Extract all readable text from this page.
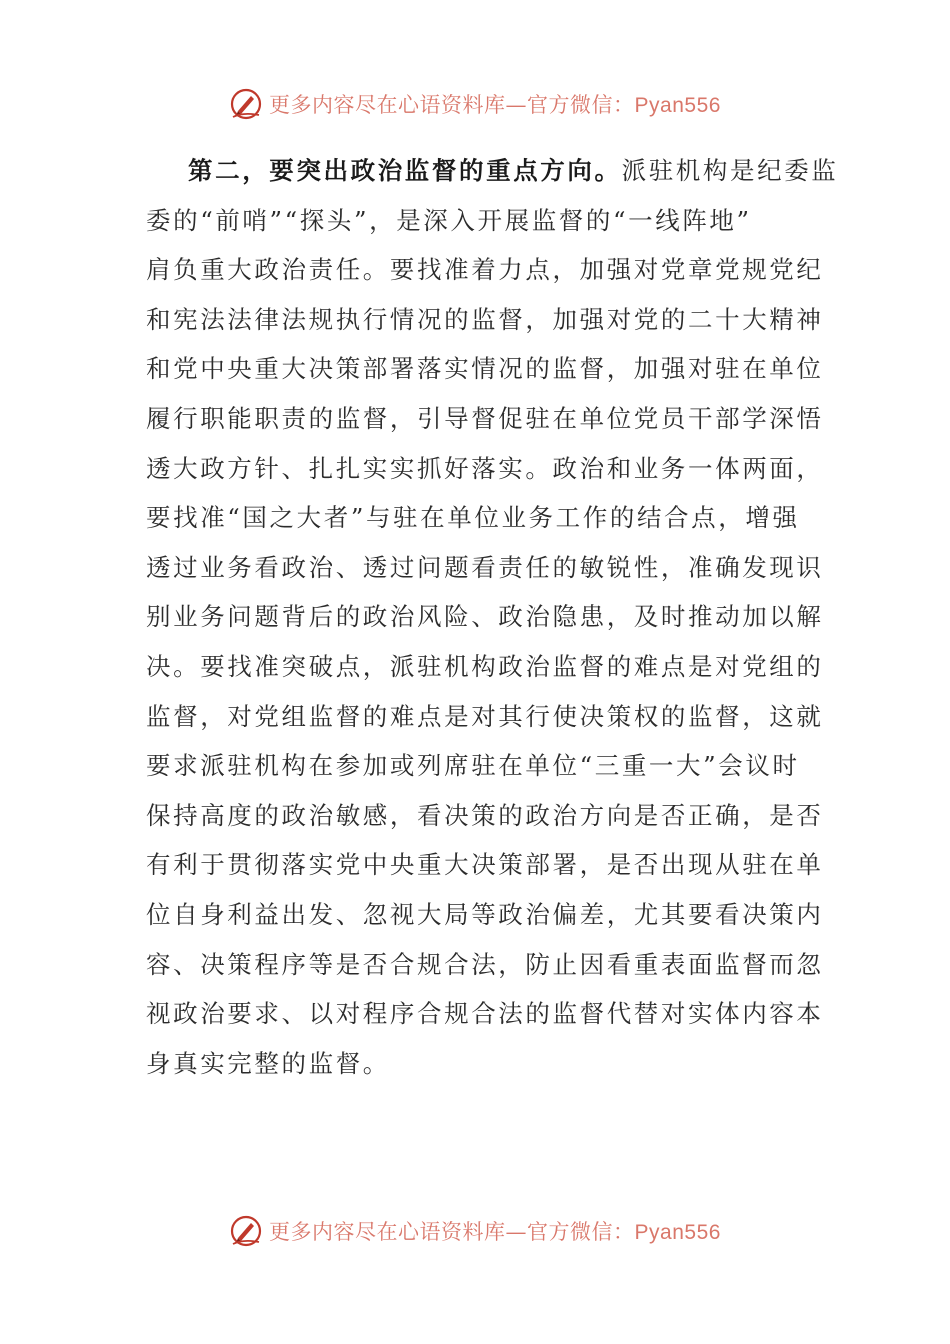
更多内容尽在心语资料库—官方微信：Pyan556
第二，要突出政治监督的重点方向。派驻机构是纪委监
委的“前哨”“探头”，是深入开展监督的“一线阵地”
肩负重大政治责任。要找准着力点，加强对党章党规党纪
和宪法法律法规执行情况的监督，加强对党的二十大精神
和党中央重大决策部署落实情况的监督，加强对驻在单位
履行职能职责的监督，引导督促驻在单位党员干部学深悟
透大政方针、扎扎实实抓好落实。政治和业务一体两面，
要找准“国之大者”与驻在单位业务工作的结合点，增强
透过业务看政治、透过问题看责任的敏锐性，准确发现识
别业务问题背后的政治风险、政治隐患，及时推动加以解
决。要找准突破点，派驻机构政治监督的难点是对党组的
监督，对党组监督的难点是对其行使决策权的监督，这就
要求派驻机构在参加或列席驻在单位“三重一大”会议时
保持高度的政治敏感，看决策的政治方向是否正确，是否
有利于贯彻落实党中央重大决策部署，是否出现从驻在单
位自身利益出发、忽视大局等政治偏差，尤其要看决策内
容、决策程序等是否合规合法，防止因看重表面监督而忽
视政治要求、以对程序合规合法的监督代替对实体内容本
身真实完整的监督。
更多内容尽在心语资料库—官方微信：Pyan556
